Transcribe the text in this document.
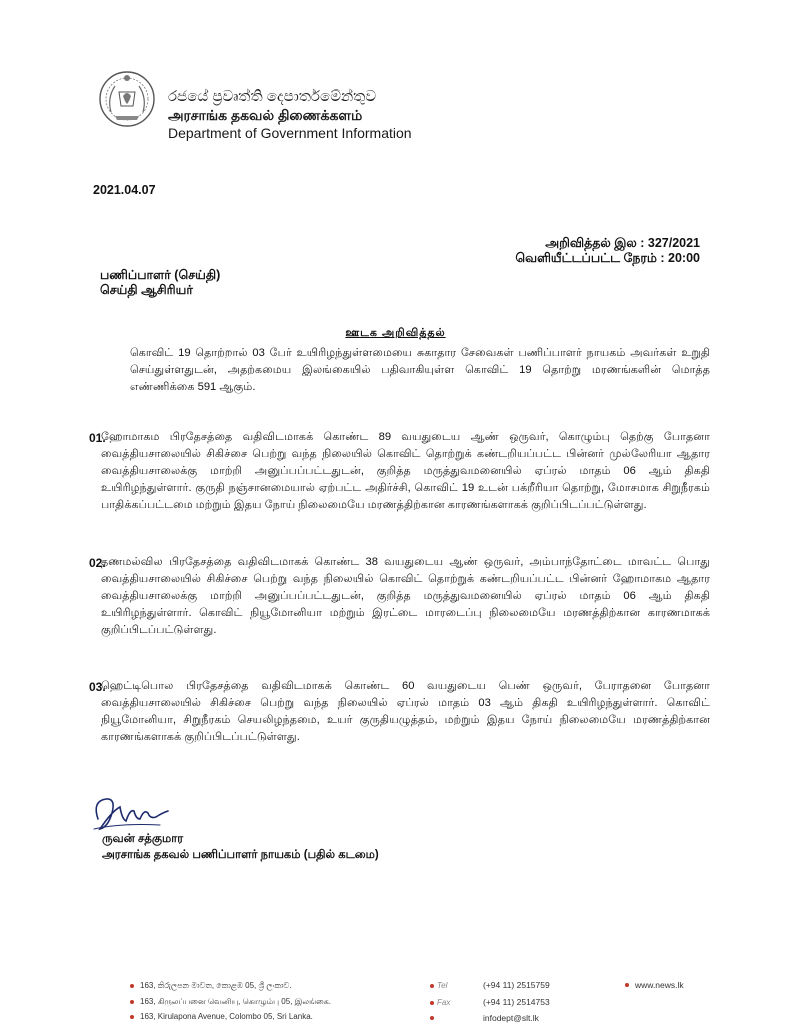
රජයේ ප්‍රවෘත්ති දෙපාර්තමේන්තුව
அரசாங்க தகவல் திணைக்களம்
Department of Government Information
2021.04.07
அறிவித்தல் இல : 327/2021
வெளியீட்டப்பட்ட நேரம் : 20:00
பணிப்பாளர் (செய்தி)
செய்தி ஆசிரியர்
ஊடக அறிவித்தல்
கொவிட் 19 தொற்றால் 03 பேர் உயிரிழந்துள்ளமையை சுகாதார சேவைகள் பணிப்பாளர் நாயகம் அவர்கள் உறுதி செய்துள்ளதுடன், அதற்கமைய இலங்கையில் பதிவாகியுள்ள கொவிட் 19 தொற்று மரணங்களின் மொத்த எண்ணிக்கை 591 ஆகும்.
01.
ஹோமாகம பிரதேசத்தை வதிவிடமாகக் கொண்ட 89 வயதுடைய ஆண் ஒருவர், கொழும்பு தெற்கு போதனா வைத்தியசாலையில் சிகிச்சை பெற்று வந்த நிலையில் கொவிட் தொற்றுக் கண்டறியப்பட்ட பின்னர் முல்லேரியா ஆதார வைத்தியசாலைக்கு மாற்றி அனுப்பப்பட்டதுடன், குறித்த மருத்துவமனையில் ஏப்ரல் மாதம் 06 ஆம் திகதி உயிரிழந்துள்ளார். குருதி நஞ்சானமையால் ஏற்பட்ட அதிர்ச்சி, கொவிட் 19 உடன் பக்றீரியா தொற்று, மோசமாக சிறுநீரகம் பாதிக்கப்பட்டமை மற்றும் இதய நோய் நிலைமையே மரணத்திற்கான காரணங்களாகக் குறிப்பிடப்பட்டுள்ளது.
02.
தணமல்வில பிரதேசத்தை வதிவிடமாகக் கொண்ட 38 வயதுடைய ஆண் ஒருவர், அம்பாந்தோட்டை மாவட்ட பொது வைத்தியசாலையில் சிகிச்சை பெற்று வந்த நிலையில் கொவிட் தொற்றுக் கண்டறியப்பட்ட பின்னர் ஹோமாகம ஆதார வைத்தியசாலைக்கு மாற்றி அனுப்பப்பட்டதுடன், குறித்த மருத்துவமனையில் ஏப்ரல் மாதம் 06 ஆம் திகதி உயிரிழந்துள்ளார். கொவிட் நியூமோனியா மற்றும் இரட்டை மாரடைப்பு நிலைமையே மரணத்திற்கான காரணமாகக் குறிப்பிடப்பட்டுள்ளது.
03.
ஹெட்டிபொல பிரதேசத்தை வதிவிடமாகக் கொண்ட 60 வயதுடைய பெண் ஒருவர், பேராதனை போதனா வைத்தியசாலையில் சிகிச்சை பெற்று வந்த நிலையில் ஏப்ரல் மாதம் 03 ஆம் திகதி உயிரிழந்துள்ளார். கொவிட் நியூமோனியா, சிறுநீரகம் செயலிழந்தமை, உயர் குருதியழுத்தம், மற்றும் இதய நோய் நிலைமையே மரணத்திற்கான காரணங்களாகக் குறிப்பிடப்பட்டுள்ளது.
ருவன் சத்குமார
அரசாங்க தகவல் பணிப்பாளர் நாயகம் (பதில் கடமை)
163, කිරුලපන මාවත, කොළඹ 05, ශ්‍රී ලංකාව.
163, கிருலப்பனை வெனியு, கொழும்பு 05, இலங்கை.
163, Kirulapona Avenue, Colombo 05, Sri Lanka.
Tel	(+94 11) 2515759
Fax	(+94 11) 2514753
infodept@slt.lk
www.news.lk
